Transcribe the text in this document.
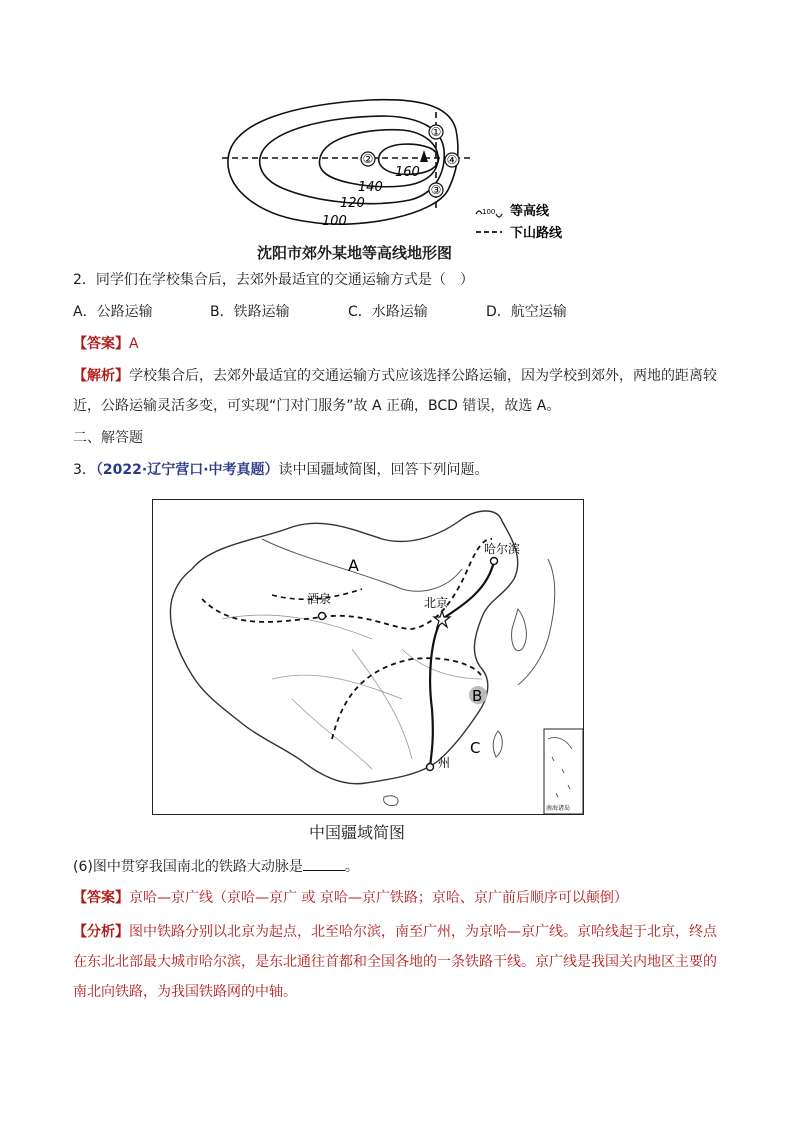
①
②
③
④
160
140
120
100
100 等高线
下山路线
沈阳市郊外某地等高线地形图
2．同学们在学校集合后，去郊外最适宜的交通运输方式是（　）
A．公路运输	B．铁路运输	C．水路运输	D．航空运输
【答案】A
【解析】学校集合后，去郊外最适宜的交通运输方式应该选择公路运输，因为学校到郊外，两地的距离较
近，公路运输灵活多变，可实现“门对门服务”故 A 正确，BCD 错误，故选 A。
二、解答题
3．（2022·辽宁营口·中考真题）读中国疆域简图，回答下列问题。
A
B
C
哈尔滨
北京
酒泉
州
南海诸岛
中国疆域简图
(6)图中贯穿我国南北的铁路大动脉是	。
【答案】京哈—京广线（京哈—京广 或 京哈—京广铁路；京哈、京广前后顺序可以颠倒）
【分析】图中铁路分别以北京为起点，北至哈尔滨，南至广州，为京哈—京广线。京哈线起于北京，终点
在东北北部最大城市哈尔滨，是东北通往首都和全国各地的一条铁路干线。京广线是我国关内地区主要的
南北向铁路，为我国铁路网的中轴。
